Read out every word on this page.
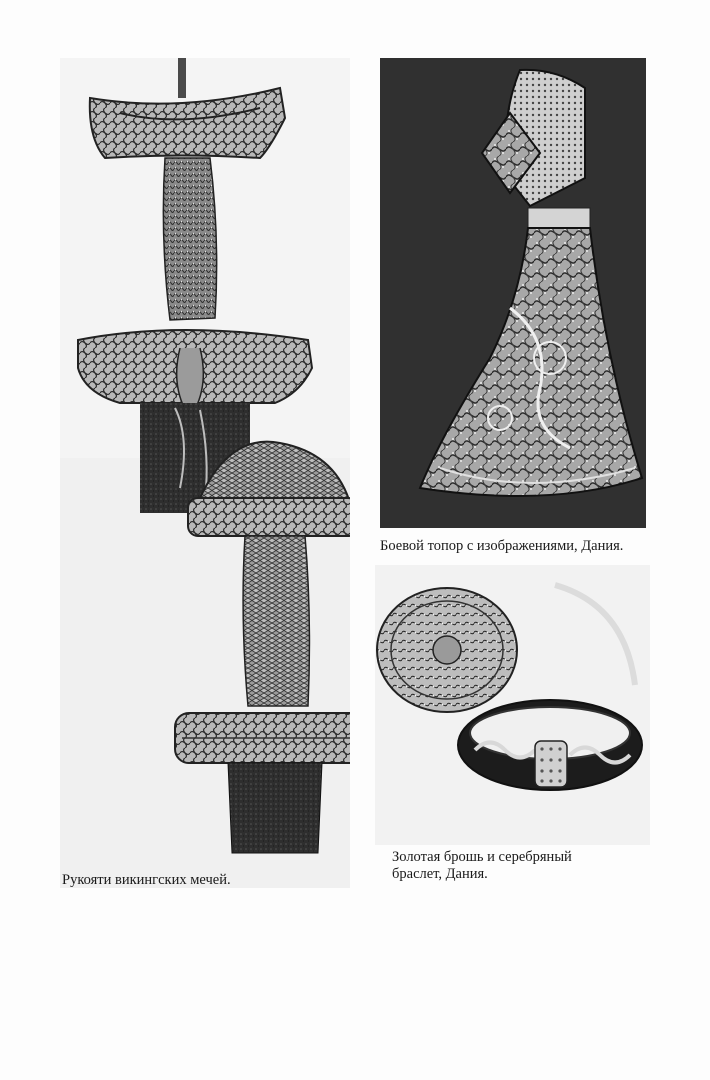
Боевой топор с изображениями, Дания.
Рукояти викингских мечей.
Золотая брошь и серебряный
браслет, Дания.
